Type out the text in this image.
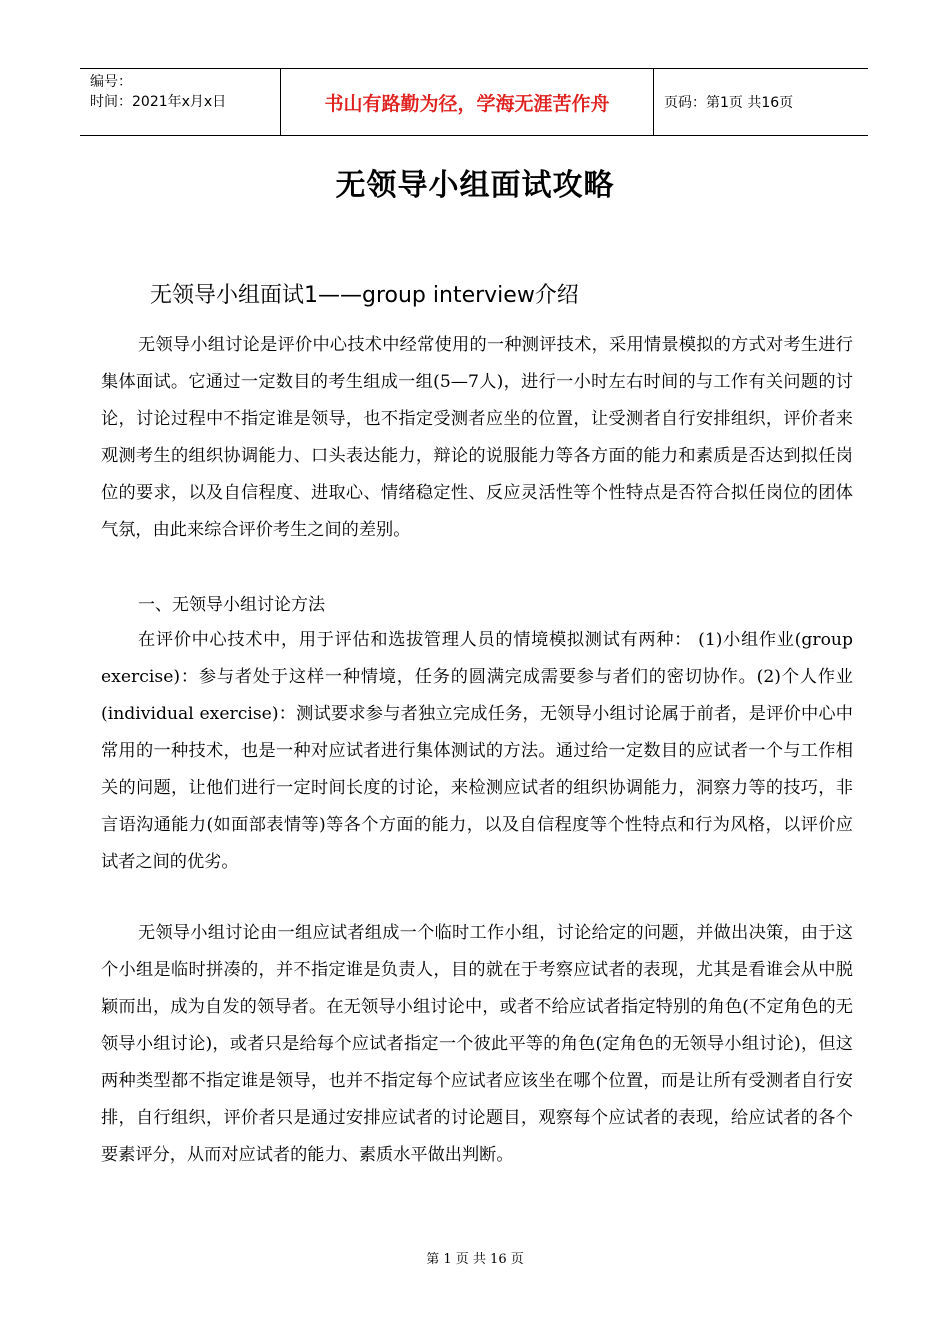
编号：
时间：2021年x月x日	书山有路勤为径，学海无涯苦作舟	页码：第1页 共16页
无领导小组面试攻略
无领导小组面试1——group interview介绍

无领导小组讨论是评价中心技术中经常使用的一种测评技术，采用情景模拟的方式对考生进行集体面试。它通过一定数目的考生组成一组(5—7人)，进行一小时左右时间的与工作有关问题的讨论，讨论过程中不指定谁是领导，也不指定受测者应坐的位置，让受测者自行安排组织，评价者来观测考生的组织协调能力、口头表达能力，辩论的说服能力等各方面的能力和素质是否达到拟任岗位的要求，以及自信程度、进取心、情绪稳定性、反应灵活性等个性特点是否符合拟任岗位的团体气氛，由此来综合评价考生之间的差别。

一、无领导小组讨论方法

在评价中心技术中，用于评估和选拔管理人员的情境模拟测试有两种： (1)小组作业(group exercise)：参与者处于这样一种情境，任务的圆满完成需要参与者们的密切协作。(2)个人作业(individual exercise)：测试要求参与者独立完成任务，无领导小组讨论属于前者，是评价中心中常用的一种技术，也是一种对应试者进行集体测试的方法。通过给一定数目的应试者一个与工作相关的问题，让他们进行一定时间长度的讨论，来检测应试者的组织协调能力，洞察力等的技巧，非言语沟通能力(如面部表情等)等各个方面的能力，以及自信程度等个性特点和行为风格，以评价应试者之间的优劣。

无领导小组讨论由一组应试者组成一个临时工作小组，讨论给定的问题，并做出决策，由于这个小组是临时拼凑的，并不指定谁是负责人，目的就在于考察应试者的表现，尤其是看谁会从中脱颖而出，成为自发的领导者。在无领导小组讨论中，或者不给应试者指定特别的角色(不定角色的无领导小组讨论)，或者只是给每个应试者指定一个彼此平等的角色(定角色的无领导小组讨论)，但这两种类型都不指定谁是领导，也并不指定每个应试者应该坐在哪个位置，而是让所有受测者自行安排，自行组织，评价者只是通过安排应试者的讨论题目，观察每个应试者的表现，给应试者的各个要素评分，从而对应试者的能力、素质水平做出判断。

第 1 页 共 16 页
